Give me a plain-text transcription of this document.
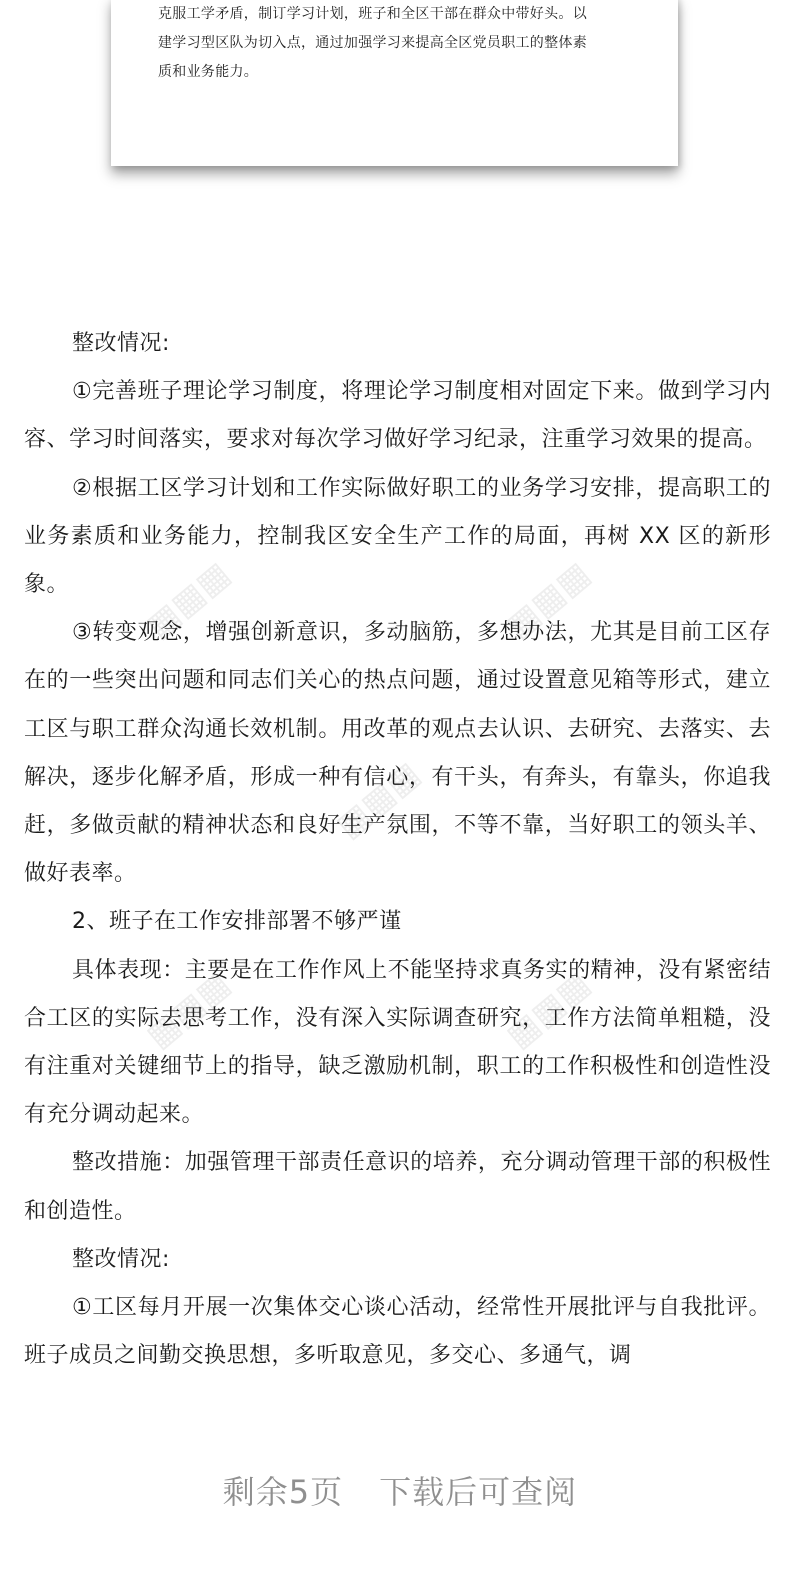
克服工学矛盾，制订学习计划，班子和全区干部在群众中带好头。以

建学习型区队为切入点，通过加强学习来提高全区党员职工的整体素

质和业务能力。

▦▦▦	▦▦▦
▦▦▦
▦▦▦	▦▦▦

整改情况:

①完善班子理论学习制度，将理论学习制度相对固定下来。做到学习内容、学习时间落实，要求对每次学习做好学习纪录，注重学习效果的提高。

②根据工区学习计划和工作实际做好职工的业务学习安排，提高职工的业务素质和业务能力，控制我区安全生产工作的局面，再树 XX 区的新形象。

③转变观念，增强创新意识，多动脑筋，多想办法，尤其是目前工区存在的一些突出问题和同志们关心的热点问题，通过设置意见箱等形式，建立工区与职工群众沟通长效机制。用改革的观点去认识、去研究、去落实、去解决，逐步化解矛盾，形成一种有信心，有干头，有奔头，有靠头，你追我赶，多做贡献的精神状态和良好生产氛围，不等不靠，当好职工的领头羊、做好表率。

2、班子在工作安排部署不够严谨

具体表现：主要是在工作作风上不能坚持求真务实的精神，没有紧密结合工区的实际去思考工作，没有深入实际调查研究，工作方法简单粗糙，没有注重对关键细节上的指导，缺乏激励机制，职工的工作积极性和创造性没有充分调动起来。

整改措施：加强管理干部责任意识的培养，充分调动管理干部的积极性和创造性。

整改情况:

①工区每月开展一次集体交心谈心活动，经常性开展批评与自我批评。班子成员之间勤交换思想，多听取意见，多交心、多通气，调

剩余5页 下载后可查阅
